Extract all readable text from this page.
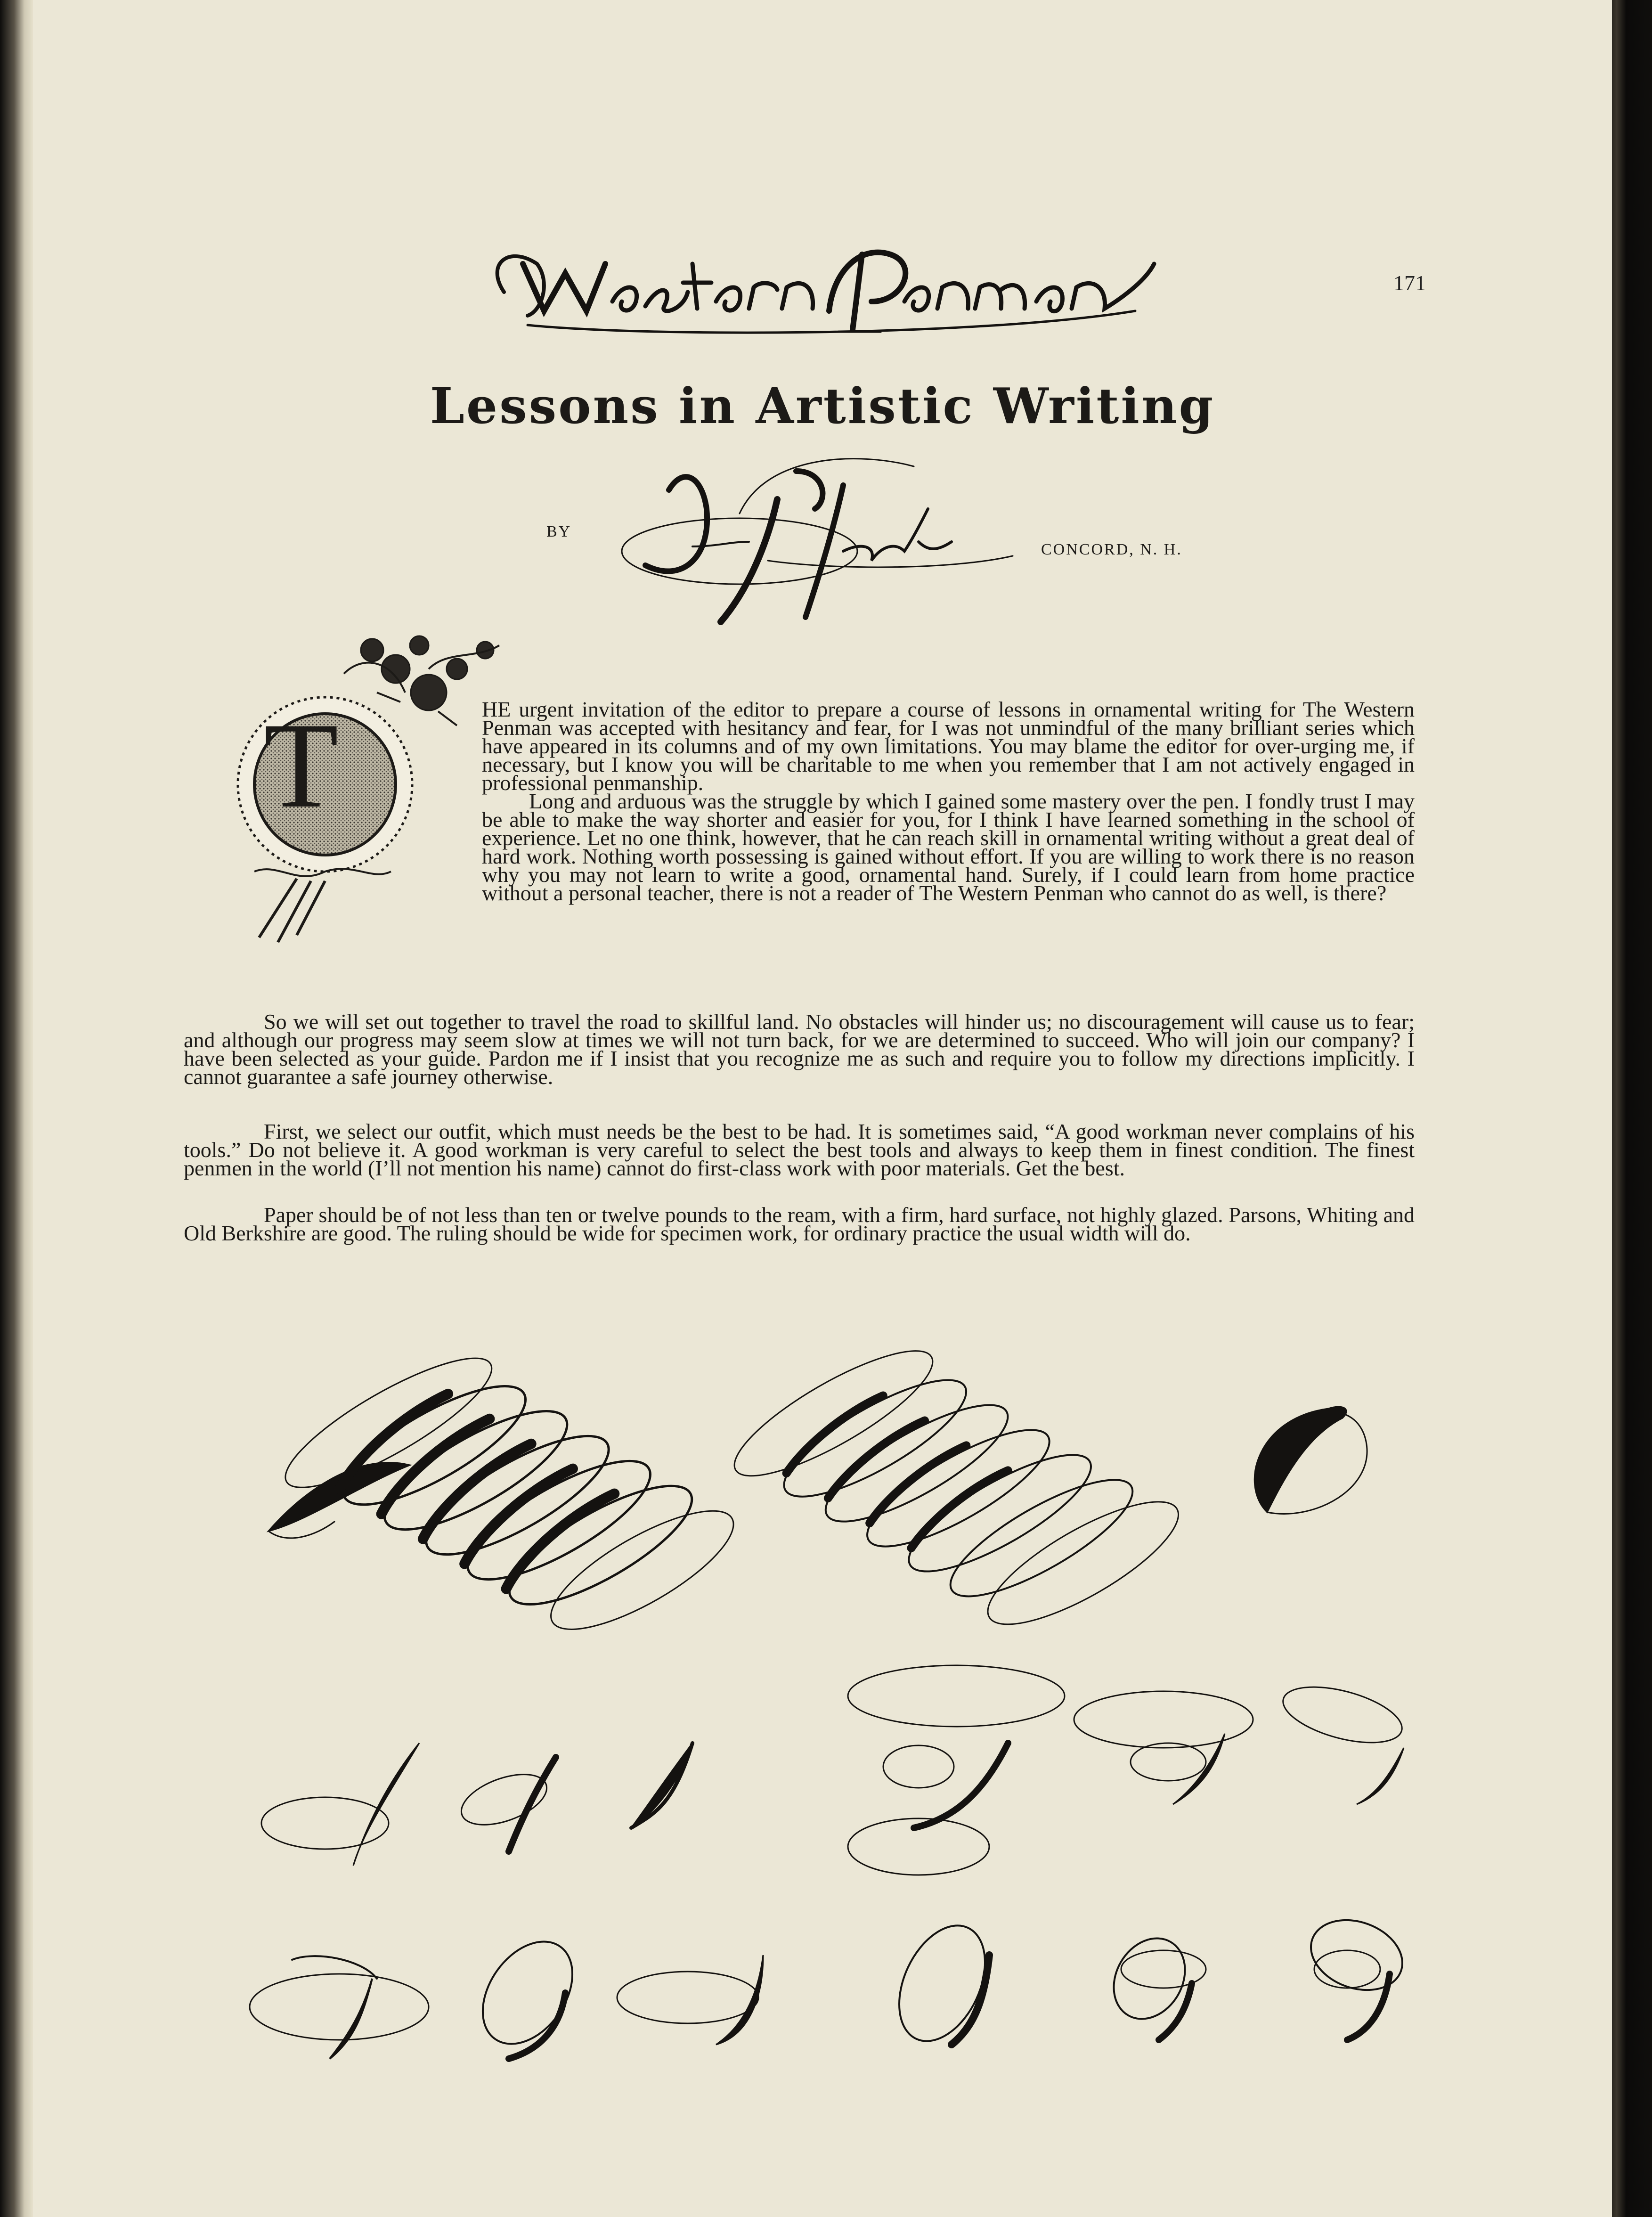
171
Lessons in Artistic Writing
BY
CONCORD, N. H.
T	HE urgent invitation of the editor to prepare a course of lessons in ornamental writing for The Western Penman was accepted with hesitancy and fear, for I was not unmindful of the many brilliant series which have appeared in its columns and of my own limitations. You may blame the editor for over-urging me, if necessary, but I know you will be charitable to me when you remember that I am not actively engaged in professional penmanship.

Long and arduous was the struggle by which I gained some mastery over the pen. I fondly trust I may be able to make the way shorter and easier for you, for I think I have learned something in the school of experience. Let no one think, however, that he can reach skill in ornamental writing without a great deal of hard work. Nothing worth possessing is gained without effort. If you are willing to work there is no reason why you may not learn to write a good, ornamental hand. Surely, if I could learn from home practice without a personal teacher, there is not a reader of The Western Penman who cannot do as well, is there?

So we will set out together to travel the road to skillful land. No obstacles will hinder us; no discouragement will cause us to fear; and although our progress may seem slow at times we will not turn back, for we are determined to succeed. Who will join our company? I have been selected as your guide. Pardon me if I insist that you recognize me as such and require you to follow my directions implicitly. I cannot guarantee a safe journey otherwise.

First, we select our outfit, which must needs be the best to be had. It is sometimes said, “A good workman never complains of his tools.” Do not believe it. A good workman is very careful to select the best tools and always to keep them in finest condition. The finest penmen in the world (I’ll not mention his name) cannot do first-class work with poor materials. Get the best.

Paper should be of not less than ten or twelve pounds to the ream, with a firm, hard surface, not highly glazed. Parsons, Whiting and Old Berkshire are good. The ruling should be wide for specimen work, for ordinary practice the usual width will do.
